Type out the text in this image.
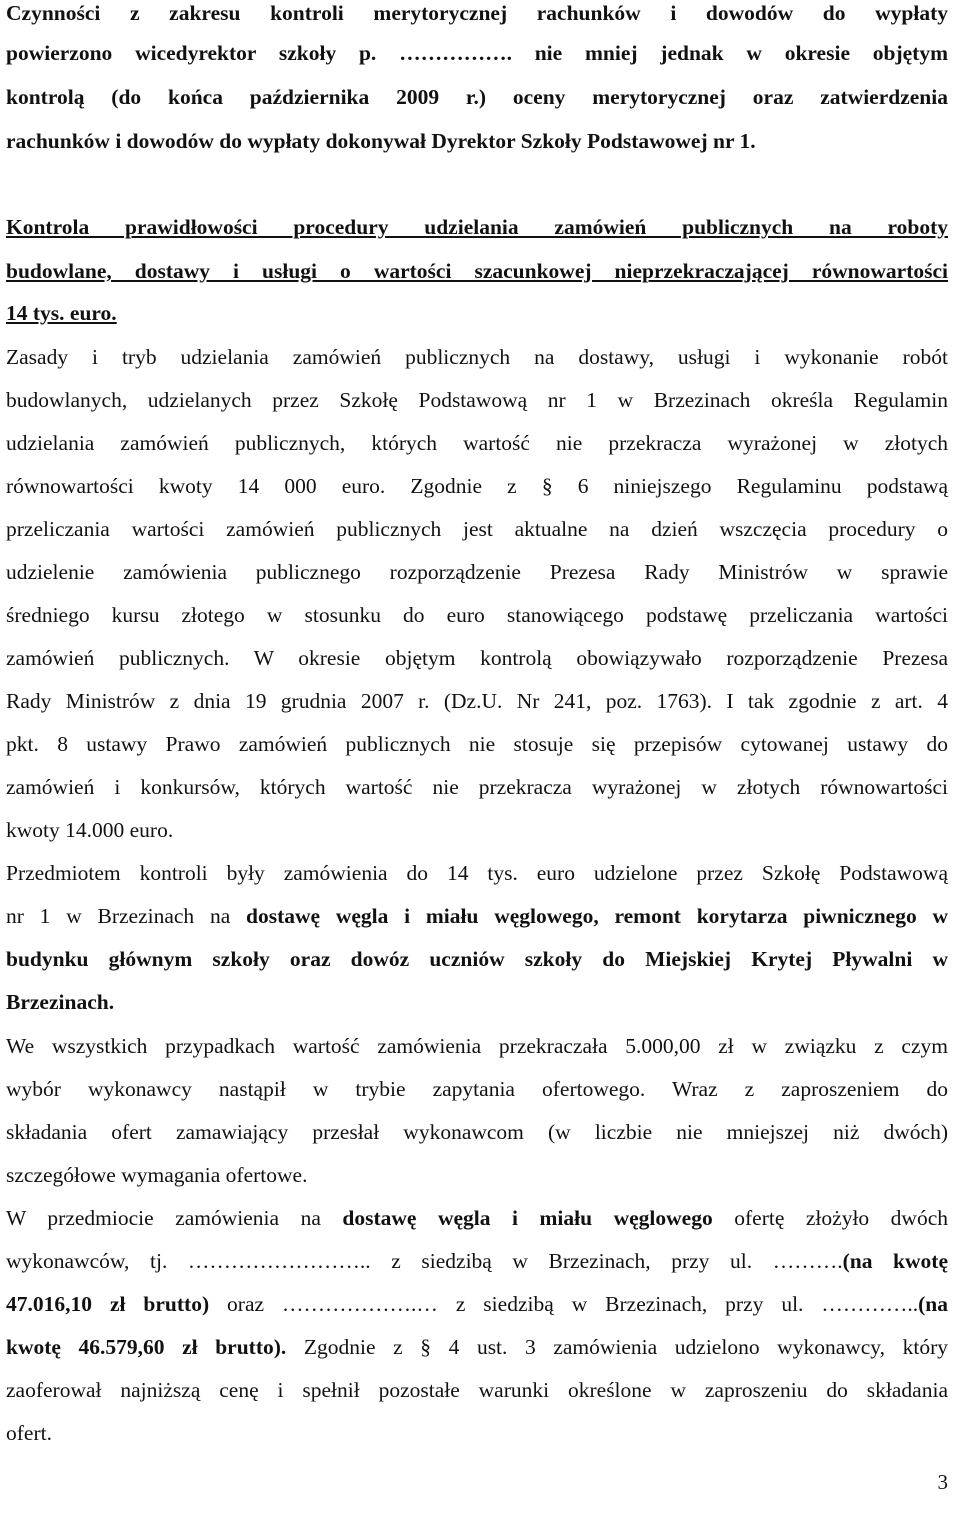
Czynności z zakresu kontroli merytorycznej rachunków i dowodów do wypłaty

powierzono wicedyrektor szkoły p. ……………. nie mniej jednak w okresie objętym

kontrolą (do końca października 2009 r.) oceny merytorycznej oraz zatwierdzenia

rachunków i dowodów do wypłaty dokonywał Dyrektor Szkoły Podstawowej nr 1.

Kontrola prawidłowości procedury udzielania zamówień publicznych na roboty

budowlane, dostawy i usługi o wartości szacunkowej nieprzekraczającej równowartości

14 tys. euro.

Zasady i tryb udzielania zamówień publicznych na dostawy, usługi i wykonanie robót

budowlanych, udzielanych przez Szkołę Podstawową nr 1 w Brzezinach określa Regulamin

udzielania zamówień publicznych, których wartość nie przekracza wyrażonej w złotych

równowartości kwoty 14 000 euro. Zgodnie z § 6 niniejszego Regulaminu podstawą

przeliczania wartości zamówień publicznych jest aktualne na dzień wszczęcia procedury o

udzielenie zamówienia publicznego rozporządzenie Prezesa Rady Ministrów w sprawie

średniego kursu złotego w stosunku do euro stanowiącego podstawę przeliczania wartości

zamówień publicznych. W okresie objętym kontrolą obowiązywało rozporządzenie Prezesa

Rady Ministrów z dnia 19 grudnia 2007 r. (Dz.U. Nr 241, poz. 1763). I tak zgodnie z art. 4

pkt. 8 ustawy Prawo zamówień publicznych nie stosuje się przepisów cytowanej ustawy do

zamówień i konkursów, których wartość nie przekracza wyrażonej w złotych równowartości

kwoty 14.000 euro.

Przedmiotem kontroli były zamówienia do 14 tys. euro udzielone przez Szkołę Podstawową

nr 1 w Brzezinach na dostawę węgla i miału węglowego, remont korytarza piwnicznego w

budynku głównym szkoły oraz dowóz uczniów szkoły do Miejskiej Krytej Pływalni w

Brzezinach.

We wszystkich przypadkach wartość zamówienia przekraczała 5.000,00 zł w związku z czym

wybór wykonawcy nastąpił w trybie zapytania ofertowego. Wraz z zaproszeniem do

składania ofert zamawiający przesłał wykonawcom (w liczbie nie mniejszej niż dwóch)

szczegółowe wymagania ofertowe.

W przedmiocie zamówienia na dostawę węgla i miału węglowego ofertę złożyło dwóch

wykonawców, tj. …………………….. z siedzibą w Brzezinach, przy ul. ……….(na kwotę

47.016,10 zł brutto) oraz ……………….… z siedzibą w Brzezinach, przy ul. …………..(na

kwotę 46.579,60 zł brutto). Zgodnie z § 4 ust. 3 zamówienia udzielono wykonawcy, który

zaoferował najniższą cenę i spełnił pozostałe warunki określone w zaproszeniu do składania

ofert.

3
